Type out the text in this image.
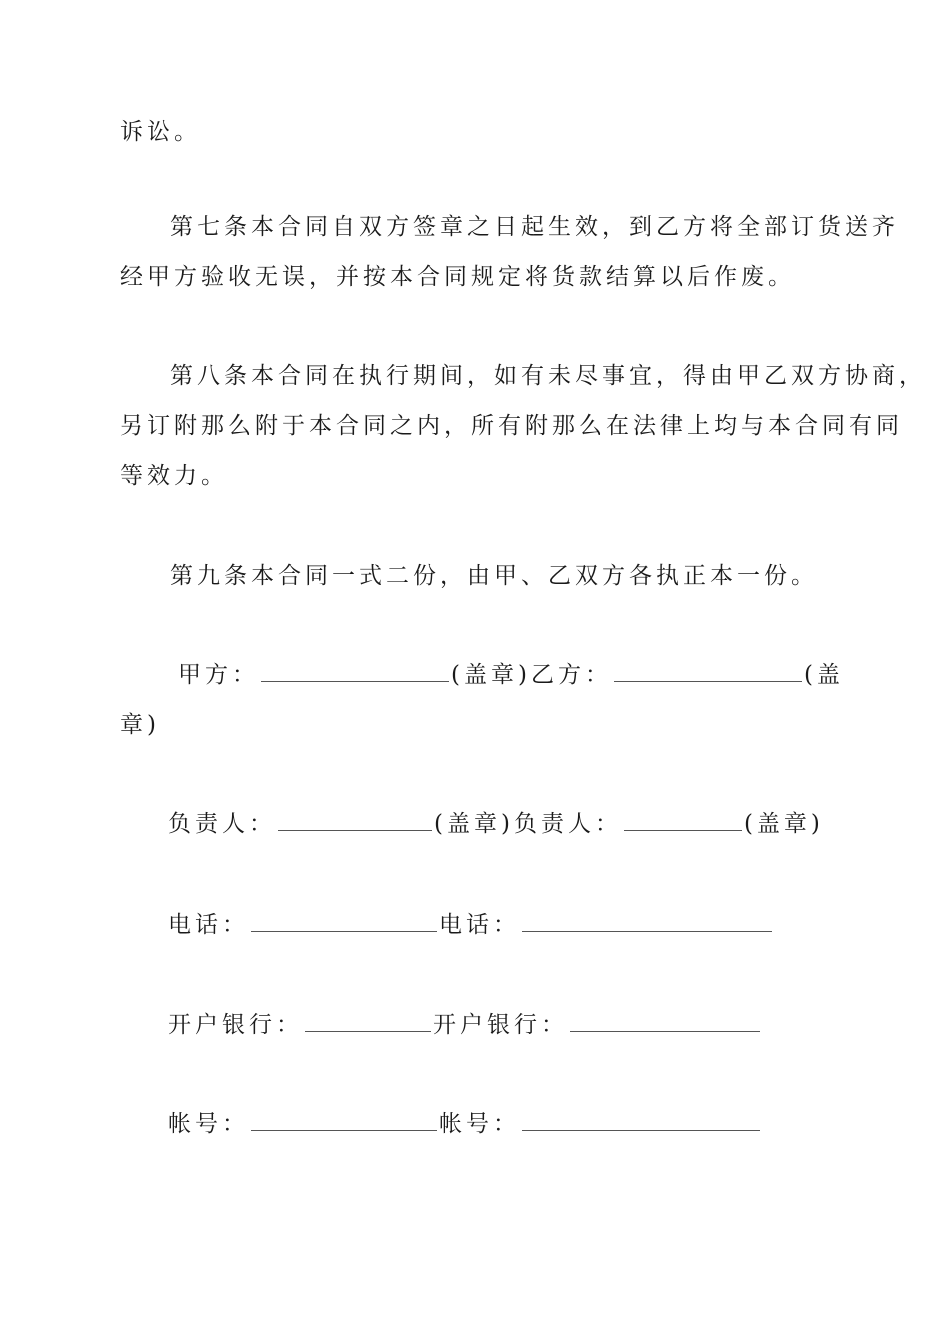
诉讼。
第七条本合同自双方签章之日起生效，到乙方将全部订货送齐
经甲方验收无误，并按本合同规定将货款结算以后作废。
第八条本合同在执行期间，如有未尽事宜，得由甲乙双方协商，
另订附那么附于本合同之内，所有附那么在法律上均与本合同有同
等效力。
第九条本合同一式二份，由甲、乙双方各执正本一份。
甲方：	(盖章)乙方：	(盖
章)
负责人：	(盖章)负责人：	(盖章)
电话：	电话：
开户银行：	开户银行：
帐号：	帐号：
